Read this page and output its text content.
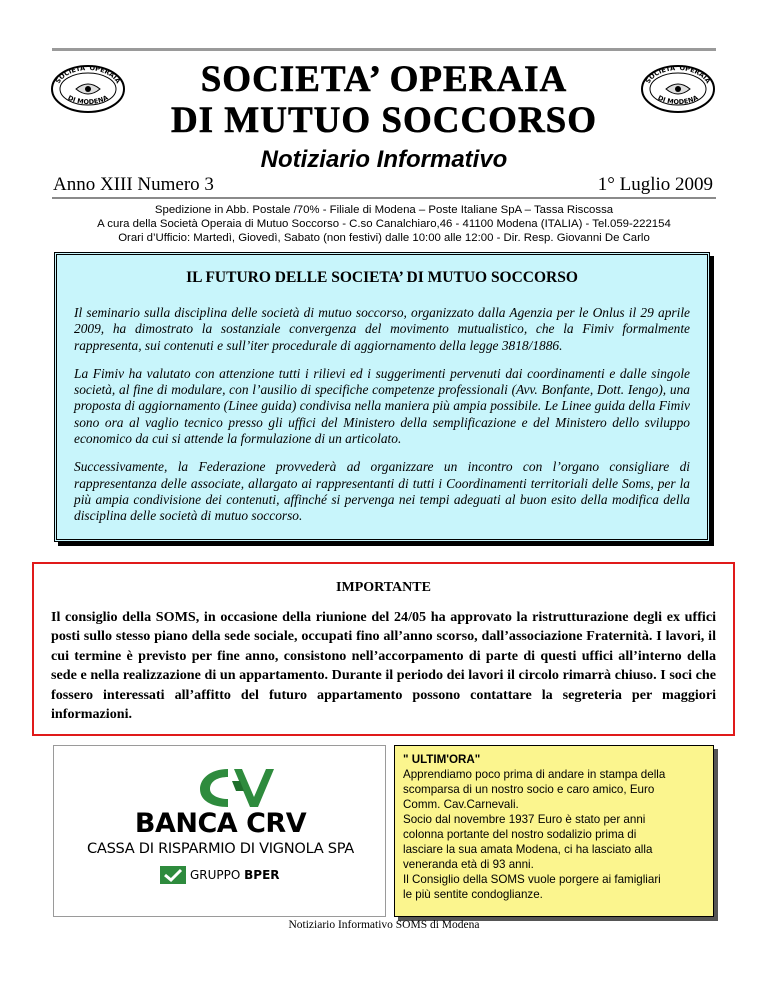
SOCIETA' OPERAIA
DI MODENA
SOCIETA' OPERAIA
DI MODENA
SOCIETA’ OPERAIA
DI MUTUO SOCCORSO
Notiziario Informativo
Anno XIII Numero 3	1° Luglio 2009
Spedizione in Abb. Postale /70% - Filiale di Modena – Poste Italiane SpA – Tassa Riscossa
A cura della Società Operaia di Mutuo Soccorso - C.so Canalchiaro,46 - 41100 Modena (ITALIA) - Tel.059-222154
Orari d’Ufficio: Martedì, Giovedì, Sabato (non festivi) dalle 10:00 alle 12:00 - Dir. Resp. Giovanni De Carlo
IL FUTURO DELLE SOCIETA’ DI MUTUO SOCCORSO

Il seminario sulla disciplina delle società di mutuo soccorso, organizzato dalla Agenzia per le Onlus il 29 aprile 2009, ha dimostrato la sostanziale convergenza del movimento mutualistico, che la Fimiv formalmente rappresenta, sui contenuti e sull’iter procedurale di aggiornamento della legge 3818/1886.

La Fimiv ha valutato con attenzione tutti i rilievi ed i suggerimenti pervenuti dai coordinamenti e dalle singole società, al fine di modulare, con l’ausilio di specifiche competenze professionali (Avv. Bonfante, Dott. Iengo), una proposta di aggiornamento (Linee guida) condivisa nella maniera più ampia possibile. Le Linee guida della Fimiv sono ora al vaglio tecnico presso gli uffici del Ministero della semplificazione e del Ministero dello sviluppo economico da cui si attende la formulazione di un articolato.

Successivamente, la Federazione provvederà ad organizzare un incontro con l’organo consigliare di rappresentanza delle associate, allargato ai rappresentanti di tutti i Coordinamenti territoriali delle Soms, per la più ampia condivisione dei contenuti, affinché si pervenga nei tempi adeguati al buon esito della modifica della disciplina delle società di mutuo soccorso.

IMPORTANTE

Il consiglio della SOMS, in occasione della riunione del 24/05 ha approvato la ristrutturazione degli ex uffici posti sullo stesso piano della sede sociale, occupati fino all’anno scorso, dall’associazione Fraternità. I lavori, il cui termine è previsto per fine anno, consistono nell’accorpamento di parte di questi uffici all’interno della sede e nella realizzazione di un appartamento. Durante il periodo dei lavori il circolo rimarrà chiuso. I soci che fossero interessati all’affitto del futuro appartamento possono contattare la segreteria per maggiori informazioni.

BANCA CRV
CASSA DI RISPARMIO DI VIGNOLA SPA
GRUPPO BPER
" ULTIM'ORA"
Apprendiamo poco prima di andare in stampa della
scomparsa di un nostro socio e caro amico, Euro
Comm. Cav.Carnevali.
Socio dal novembre 1937 Euro è stato per anni
colonna portante del nostro sodalizio prima di
lasciare la sua amata Modena, ci ha lasciato alla
veneranda età di 93 anni.
Il Consiglio della SOMS vuole porgere ai famigliari
le più sentite condoglianze.
Notiziario Informativo SOMS di Modena
